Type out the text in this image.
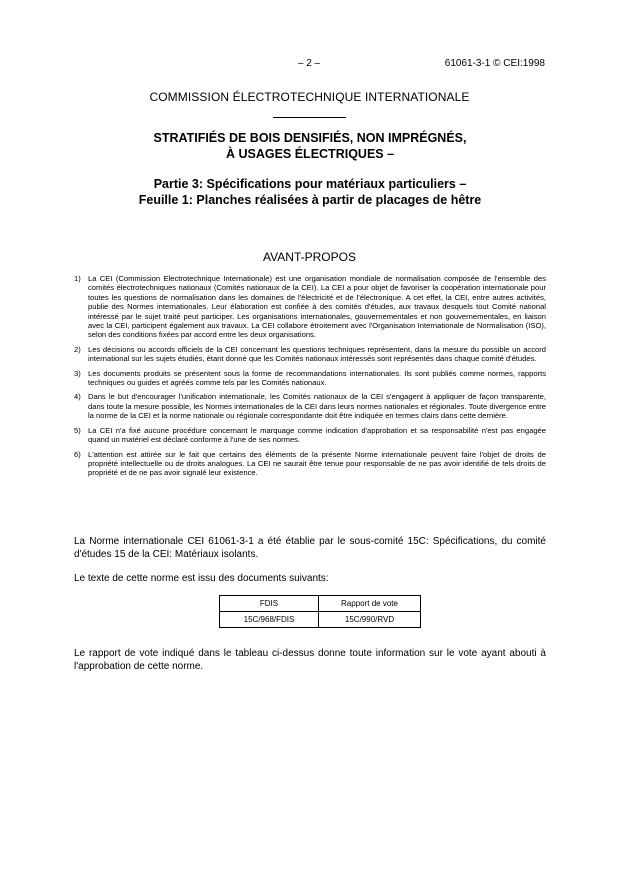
– 2 –	61061-3-1 © CEI:1998
COMMISSION ÉLECTROTECHNIQUE INTERNATIONALE
STRATIFIÉS DE BOIS DENSIFIÉS, NON IMPRÉGNÉS,
À USAGES ÉLECTRIQUES –
Partie 3: Spécifications pour matériaux particuliers –
Feuille 1: Planches réalisées à partir de placages de hêtre
AVANT-PROPOS
1) La CEI (Commission Electrotechnique Internationale) est une organisation mondiale de normalisation composée de l'ensemble des comités électrotechniques nationaux (Comités nationaux de la CEI). La CEI a pour objet de favoriser la coopération internationale pour toutes les questions de normalisation dans les domaines de l'électricité et de l'électronique. A cet effet, la CEI, entre autres activités, publie des Normes internationales. Leur élaboration est confiée à des comités d'études, aux travaux desquels tout Comité national intéressé par le sujet traité peut participer. Les organisations internationales, gouvernementales et non gouvernementales, en liaison avec la CEI, participent également aux travaux. La CEI collabore étroitement avec l'Organisation Internationale de Normalisation (ISO), selon des conditions fixées par accord entre les deux organisations.
2) Les décisions ou accords officiels de la CEI concernant les questions techniques représentent, dans la mesure du possible un accord international sur les sujets étudiés, étant donné que les Comités nationaux intéressés sont représentés dans chaque comité d'études.
3) Les documents produits se présentent sous la forme de recommandations internationales. Ils sont publiés comme normes, rapports techniques ou guides et agréés comme tels par les Comités nationaux.
4) Dans le but d'encourager l'unification internationale, les Comités nationaux de la CEI s'engagent à appliquer de façon transparente, dans toute la mesure possible, les Normes internationales de la CEI dans leurs normes nationales et régionales. Toute divergence entre la norme de la CEI et la norme nationale ou régionale correspondante doit être indiquée en termes clairs dans cette dernière.
5) La CEI n'a fixé aucune procédure concernant le marquage comme indication d'approbation et sa responsabilité n'est pas engagée quand un matériel est déclaré conforme à l'une de ses normes.
6) L'attention est attirée sur le fait que certains des éléments de la présente Norme internationale peuvent faire l'objet de droits de propriété intellectuelle ou de droits analogues. La CEI ne saurait être tenue pour responsable de ne pas avoir identifié de tels droits de propriété et de ne pas avoir signalé leur existence.

La Norme internationale CEI 61061-3-1 a été établie par le sous-comité 15C: Spécifications, du comité d'études 15 de la CEI: Matériaux isolants.

Le texte de cette norme est issu des documents suivants:

FDIS	Rapport de vote
15C/968/FDIS	15C/990/RVD

Le rapport de vote indiqué dans le tableau ci-dessus donne toute information sur le vote ayant abouti à l'approbation de cette norme.
